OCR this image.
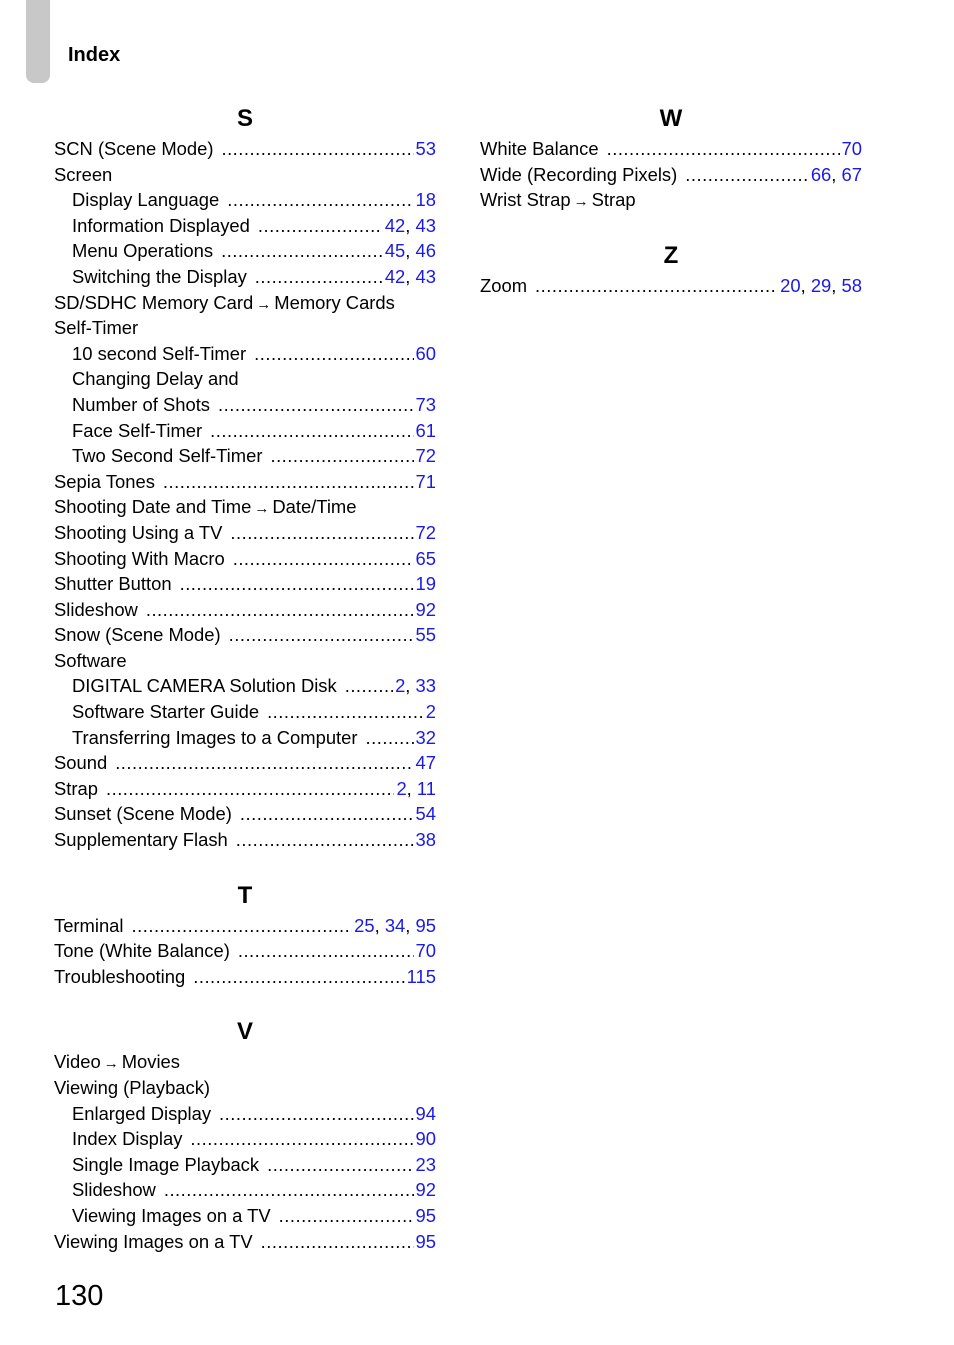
Index
S
SCN (Scene Mode) .....	53
Screen
Display Language .....	18
Information Displayed .....	42, 43
Menu Operations .....	45, 46
Switching the Display .....	42, 43
SD/SDHC Memory Card → Memory Cards
Self-Timer
10 second Self-Timer .....	60
Changing Delay and
Number of Shots .....	73
Face Self-Timer .....	61
Two Second Self-Timer .....	72
Sepia Tones .....	71
Shooting Date and Time → Date/Time
Shooting Using a TV .....	72
Shooting With Macro .....	65
Shutter Button .....	19
Slideshow .....	92
Snow (Scene Mode) .....	55
Software
DIGITAL CAMERA Solution Disk .....	2, 33
Software Starter Guide .....	2
Transferring Images to a Computer .....	32
Sound .....	47
Strap .....	2, 11
Sunset (Scene Mode) .....	54
Supplementary Flash .....	38
T
Terminal .....	25, 34, 95
Tone (White Balance) .....	70
Troubleshooting .....	115
V
Video → Movies
Viewing (Playback)
Enlarged Display .....	94
Index Display .....	90
Single Image Playback .....	23
Slideshow .....	92
Viewing Images on a TV .....	95
Viewing Images on a TV .....	95
W
White Balance .....	70
Wide (Recording Pixels) .....	66, 67
Wrist Strap → Strap
Z
Zoom .....	20, 29, 58
130
